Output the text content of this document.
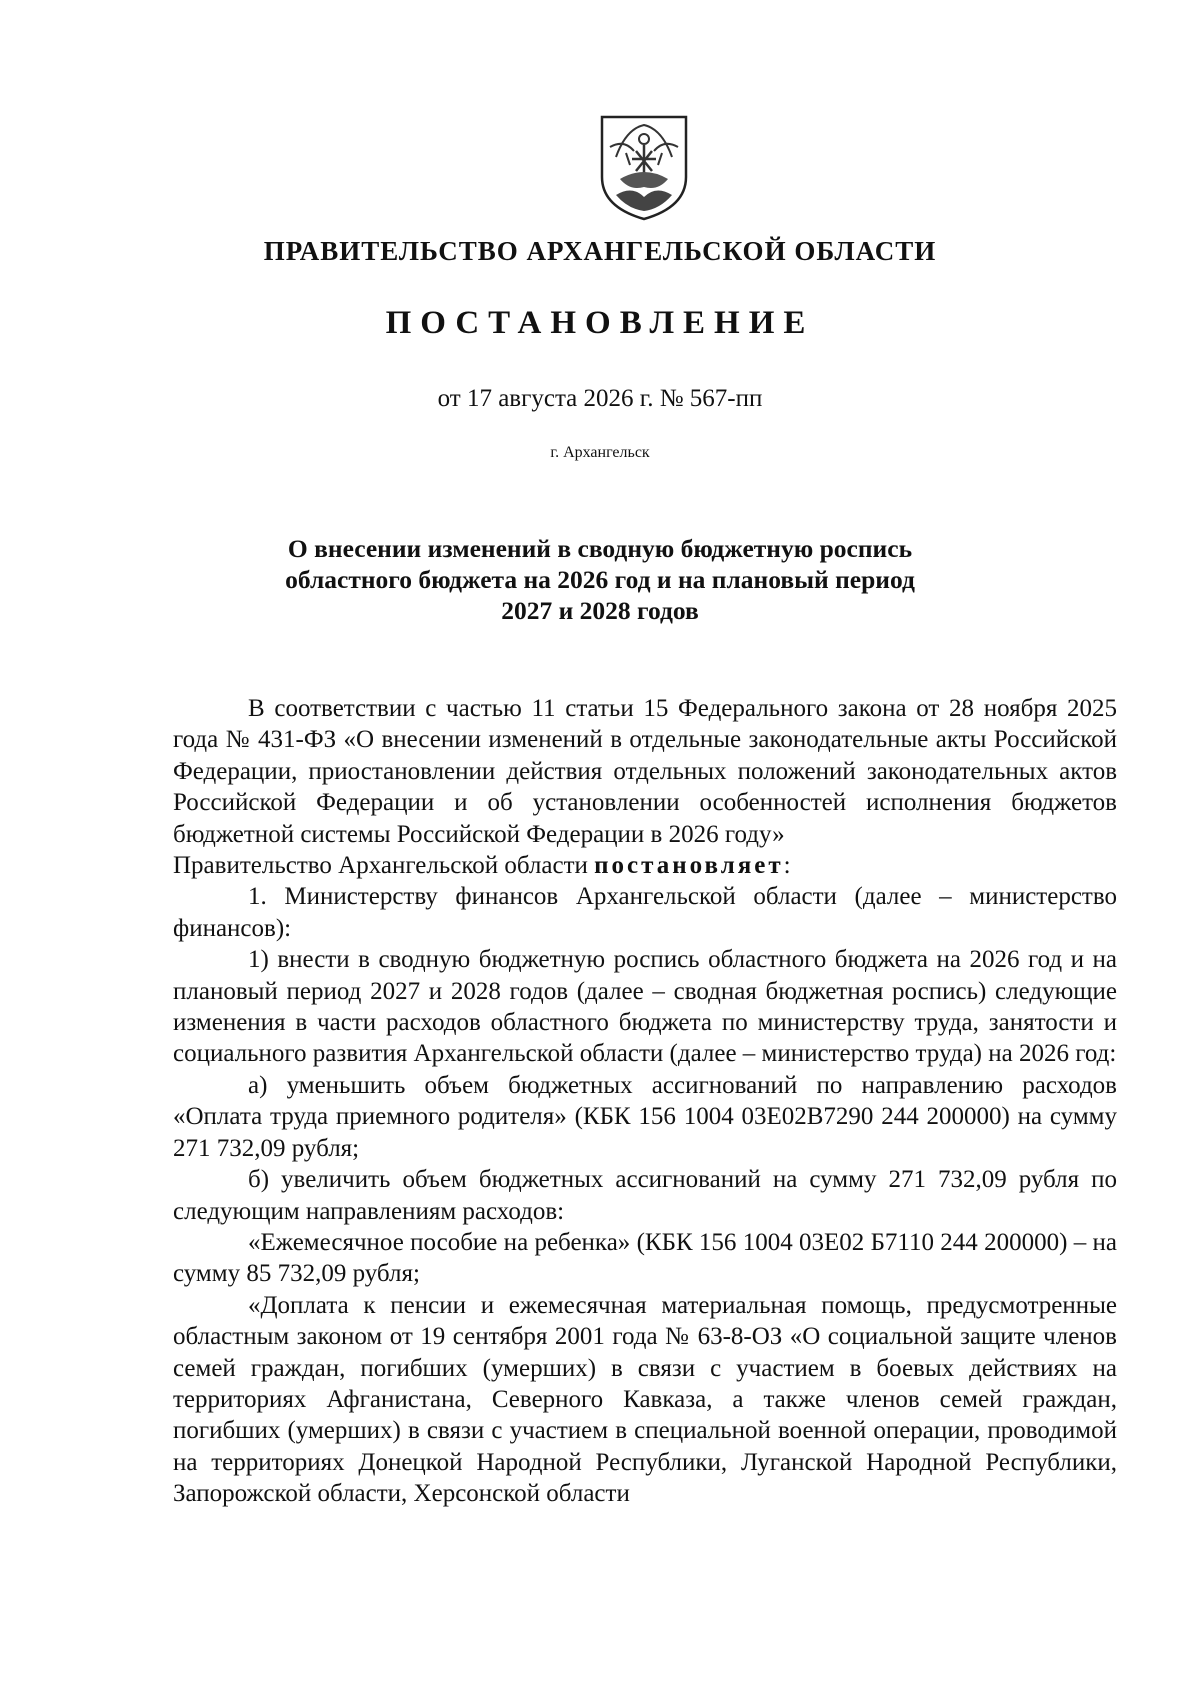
ПРАВИТЕЛЬСТВО АРХАНГЕЛЬСКОЙ ОБЛАСТИ
ПОСТАНОВЛЕНИЕ
от 17 августа 2026 г. № 567-пп
г. Архангельск
О внесении изменений в сводную бюджетную роспись
областного бюджета на 2026 год и на плановый период
2027 и 2028 годов

В соответствии с частью 11 статьи 15 Федерального закона от 28 ноября 2025 года № 431-ФЗ «О внесении изменений в отдельные законодательные акты Российской Федерации, приостановлении действия отдельных положений законодательных актов Российской Федерации и об установлении особенностей исполнения бюджетов бюджетной системы Российской Федерации в 2026 году»

Правительство Архангельской области постановляет:

1. Министерству финансов Архангельской области (далее – министерство финансов):

1) внести в сводную бюджетную роспись областного бюджета на 2026 год и на плановый период 2027 и 2028 годов (далее – сводная бюджетная роспись) следующие изменения в части расходов областного бюджета по министерству труда, занятости и социального развития Архангельской области (далее – министерство труда) на 2026 год:

а) уменьшить объем бюджетных ассигнований по направлению расходов «Оплата труда приемного родителя» (КБК 156 1004 03Е02В7290 244 200000) на сумму 271 732,09 рубля;

б) увеличить объем бюджетных ассигнований на сумму 271 732,09 рубля по следующим направлениям расходов:

«Ежемесячное пособие на ребенка» (КБК 156 1004 03Е02 Б7110 244 200000) – на сумму 85 732,09 рубля;

«Доплата к пенсии и ежемесячная материальная помощь, предусмотренные областным законом от 19 сентября 2001 года № 63-8-ОЗ «О социальной защите членов семей граждан, погибших (умерших) в связи с участием в боевых действиях на территориях Афганистана, Северного Кавказа, а также членов семей граждан, погибших (умерших) в связи с участием в специальной военной операции, проводимой на территориях Донецкой Народной Республики, Луганской Народной Республики, Запорожской области, Херсонской области
